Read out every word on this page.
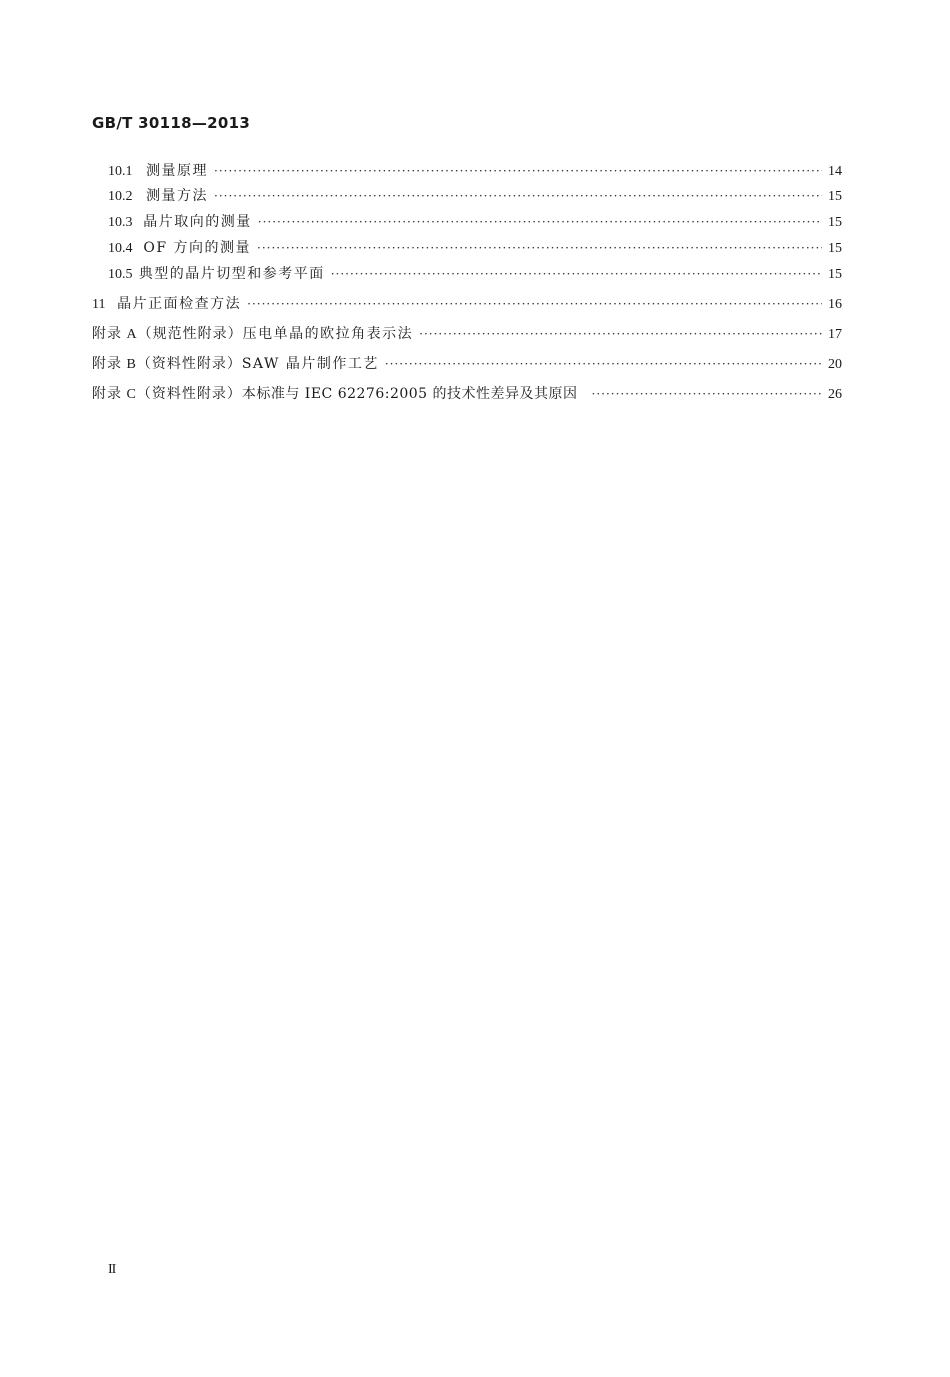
GB/T 30118—2013
10.1 测量原理 ·····	14
10.2 测量方法 ·····	15
10.3 晶片取向的测量 ·····	15
10.4 OF 方向的测量 ·····	15
10.5 典型的晶片切型和参考平面 ·····	15
11 晶片正面检查方法 ·····	16
附录 A（规范性附录） 压电单晶的欧拉角表示法 ·····	17
附录 B（资料性附录） SAW 晶片制作工艺 ·····	20
附录 C（资料性附录） 本标准与 IEC 62276:2005 的技术性差异及其原因 ·····	26
II
